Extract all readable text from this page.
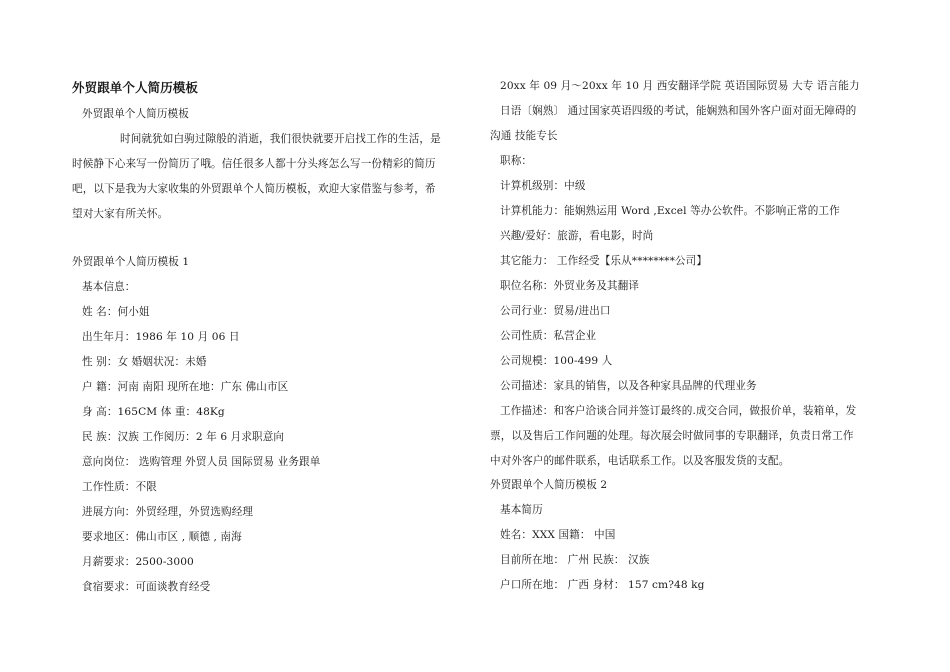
外贸跟单个人简历模板
外贸跟单个人简历模板
时间就犹如白驹过隙般的消逝，我们很快就要开启找工作的生活，是
时候静下心来写一份简历了哦。信任很多人都十分头疼怎么写一份精彩的简历
吧，以下是我为大家收集的外贸跟单个人简历模板，欢迎大家借鉴与参考，希
望对大家有所关怀。
外贸跟单个人简历模板 1
基本信息：
姓 名：何小姐
出生年月：1986 年 10 月 06 日
性 别：女 婚姻状况：未婚
户 籍：河南 南阳 现所在地：广东 佛山市区
身 高：165CM 体 重：48Kg
民 族：汉族 工作阅历：2 年 6 月求职意向
意向岗位： 选购管理 外贸人员 国际贸易 业务跟单
工作性质：不限
进展方向：外贸经理，外贸选购经理
要求地区：佛山市区 , 顺德 , 南海
月薪要求：2500-3000
食宿要求：可面谈教育经受
20xx 年 09 月～20xx 年 10 月 西安翻译学院 英语国际贸易 大专 语言能力
日语〔娴熟〕 通过国家英语四级的考试，能娴熟和国外客户面对面无障碍的
沟通 技能专长
职称：
计算机级别：中级
计算机能力：能娴熟运用 Word ,Excel 等办公软件。不影响正常的工作
兴趣/爱好：旅游，看电影，时尚
其它能力： 工作经受【乐从********公司】
职位名称：外贸业务及其翻译
公司行业：贸易/进出口
公司性质：私营企业
公司规模：100-499 人
公司描述：家具的销售，以及各种家具品牌的代理业务
工作描述：和客户洽谈合同并签订最终的.成交合同，做报价单，装箱单，发
票，以及售后工作问题的处理。每次展会时做同事的专职翻译，负责日常工作
中对外客户的邮件联系，电话联系工作。以及客服发货的支配。
外贸跟单个人简历模板 2
基本简历
姓名：XXX 国籍： 中国
目前所在地： 广州 民族： 汉族
户口所在地： 广西 身材： 157 cm?48 kg
